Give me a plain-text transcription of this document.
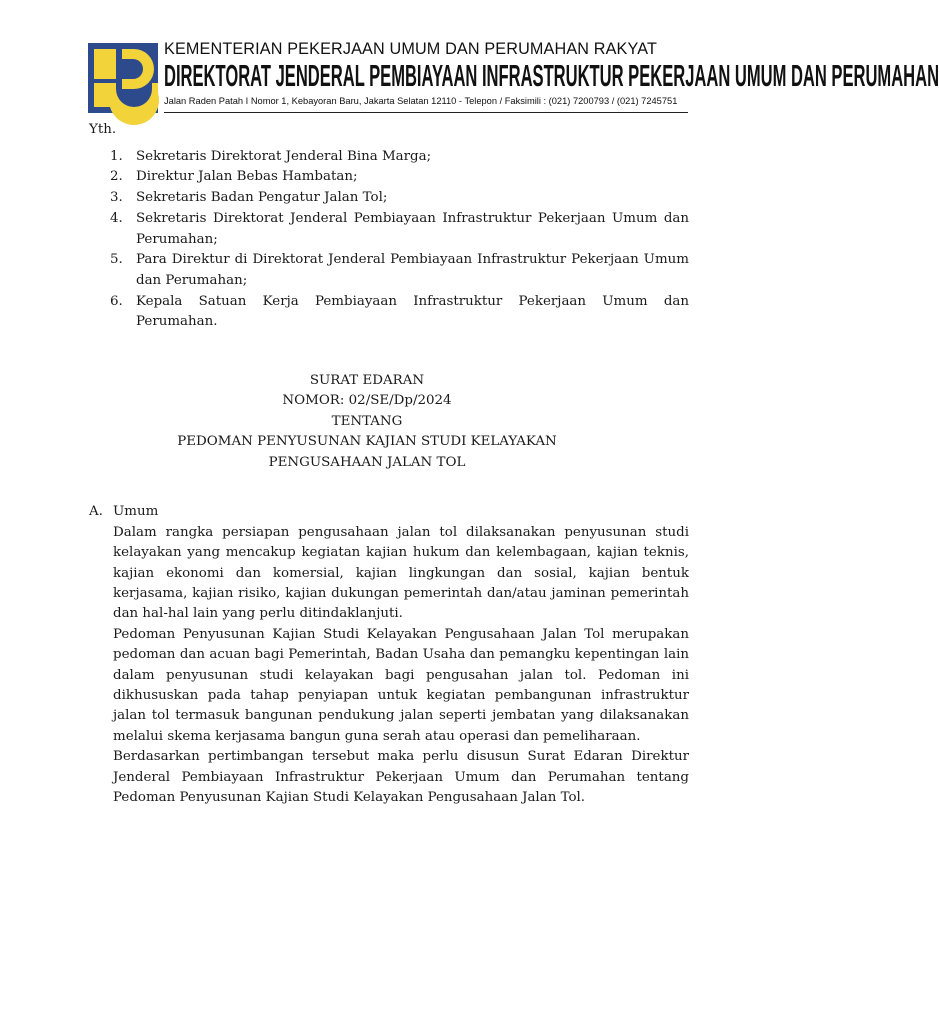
KEMENTERIAN PEKERJAAN UMUM DAN PERUMAHAN RAKYAT
DIREKTORAT JENDERAL PEMBIAYAAN INFRASTRUKTUR PEKERJAAN UMUM DAN PERUMAHAN
Jalan Raden Patah I Nomor 1, Kebayoran Baru, Jakarta Selatan 12110 - Telepon / Faksimili : (021) 7200793 / (021) 7245751

Yth.

1. Sekretaris Direktorat Jenderal Bina Marga;
2. Direktur Jalan Bebas Hambatan;
3. Sekretaris Badan Pengatur Jalan Tol;
4. Sekretaris Direktorat Jenderal Pembiayaan Infrastruktur Pekerjaan Umum dan Perumahan;
5. Para Direktur di Direktorat Jenderal Pembiayaan Infrastruktur Pekerjaan Umum dan Perumahan;
6. Kepala Satuan Kerja Pembiayaan Infrastruktur Pekerjaan Umum dan Perumahan.
SURAT EDARAN
NOMOR: 02/SE/Dp/2024
TENTANG
PEDOMAN PENYUSUNAN KAJIAN STUDI KELAYAKAN
PENGUSAHAAN JALAN TOL
A. Umum

Dalam rangka persiapan pengusahaan jalan tol dilaksanakan penyusunan studi kelayakan yang mencakup kegiatan kajian hukum dan kelembagaan, kajian teknis, kajian ekonomi dan komersial, kajian lingkungan dan sosial, kajian bentuk kerjasama, kajian risiko, kajian dukungan pemerintah dan/atau jaminan pemerintah dan hal-hal lain yang perlu ditindaklanjuti.

Pedoman Penyusunan Kajian Studi Kelayakan Pengusahaan Jalan Tol merupakan pedoman dan acuan bagi Pemerintah, Badan Usaha dan pemangku kepentingan lain dalam penyusunan studi kelayakan bagi pengusahan jalan tol. Pedoman ini dikhususkan pada tahap penyiapan untuk kegiatan pembangunan infrastruktur jalan tol termasuk bangunan pendukung jalan seperti jembatan yang dilaksanakan melalui skema kerjasama bangun guna serah atau operasi dan pemeliharaan.

Berdasarkan pertimbangan tersebut maka perlu disusun Surat Edaran Direktur Jenderal Pembiayaan Infrastruktur Pekerjaan Umum dan Perumahan tentang Pedoman Penyusunan Kajian Studi Kelayakan Pengusahaan Jalan Tol.
